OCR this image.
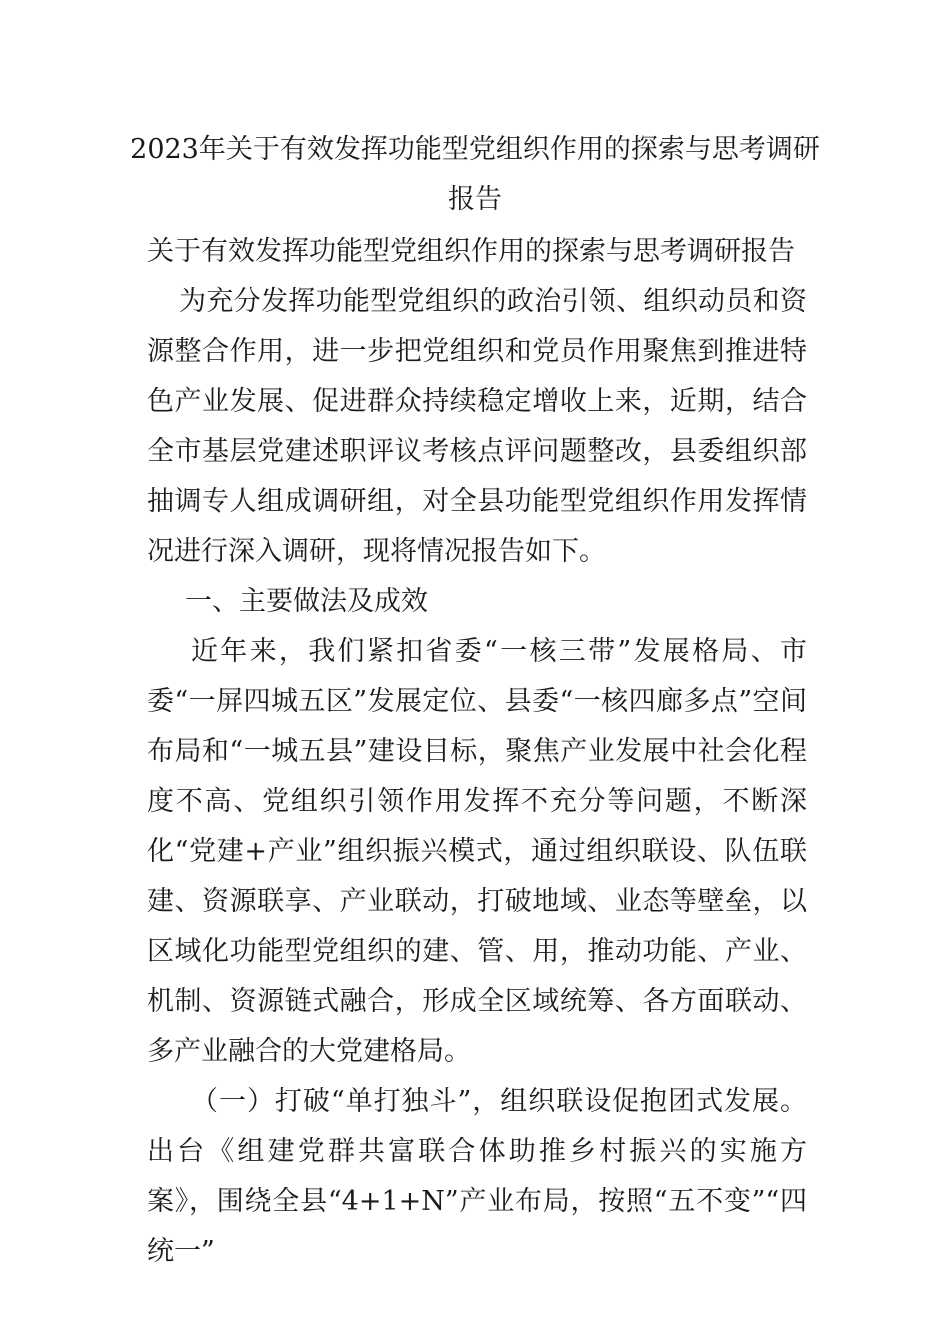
2023年关于有效发挥功能型党组织作用的探索与思考调研
报告

关于有效发挥功能型党组织作用的探索与思考调研报告

为充分发挥功能型党组织的政治引领、组织动员和资源整合作用，进一步把党组织和党员作用聚焦到推进特色产业发展、促进群众持续稳定增收上来，近期，结合全市基层党建述职评议考核点评问题整改，县委组织部抽调专人组成调研组，对全县功能型党组织作用发挥情况进行深入调研，现将情况报告如下。

一、主要做法及成效

近年来，我们紧扣省委“一核三带”发展格局、市委“一屏四城五区”发展定位、县委“一核四廊多点”空间布局和“一城五县”建设目标，聚焦产业发展中社会化程度不高、党组织引领作用发挥不充分等问题，不断深化“党建+产业”组织振兴模式，通过组织联设、队伍联建、资源联享、产业联动，打破地域、业态等壁垒，以区域化功能型党组织的建、管、用，推动功能、产业、机制、资源链式融合，形成全区域统筹、各方面联动、多产业融合的大党建格局。

（一）打破“单打独斗”，组织联设促抱团式发展。出台《组建党群共富联合体助推乡村振兴的实施方案》，围绕全县“4+1+N”产业布局，按照“五不变”“四统一”
